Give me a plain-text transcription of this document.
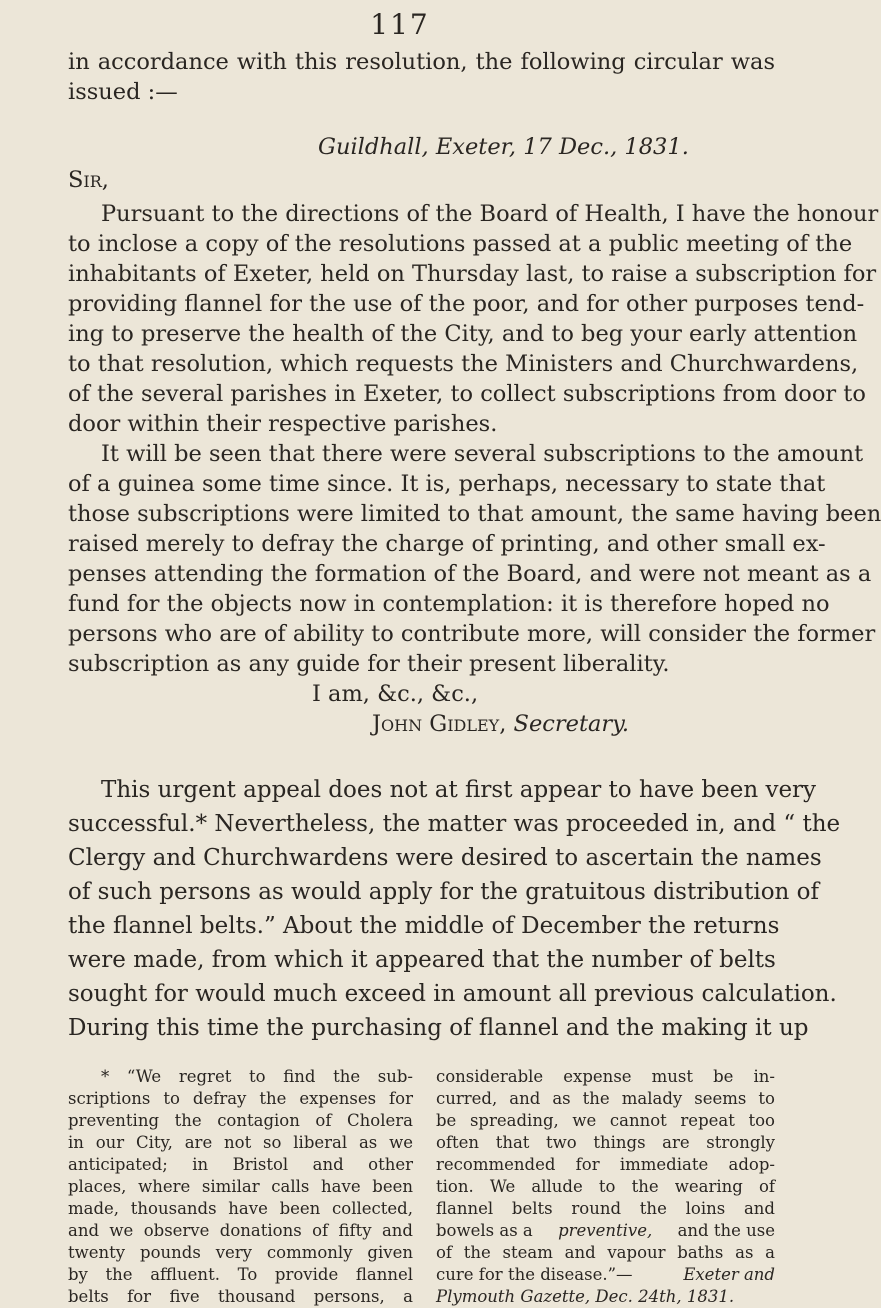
117

in accordance with this resolution, the following circular was

issued :—

Guildhall, Exeter, 17 Dec., 1831.

Sir,

Pursuant to the directions of the Board of Health, I have the honour

to inclose a copy of the resolutions passed at a public meeting of the

inhabitants of Exeter, held on Thursday last, to raise a subscription for

providing flannel for the use of the poor, and for other purposes tend-

ing to preserve the health of the City, and to beg your early attention

to that resolution, which requests the Ministers and Churchwardens,

of the several parishes in Exeter, to collect subscriptions from door to

door within their respective parishes.

It will be seen that there were several subscriptions to the amount

of a guinea some time since. It is, perhaps, necessary to state that

those subscriptions were limited to that amount, the same having been

raised merely to defray the charge of printing, and other small ex-

penses attending the formation of the Board, and were not meant as a

fund for the objects now in contemplation: it is therefore hoped no

persons who are of ability to contribute more, will consider the former

subscription as any guide for their present liberality.

I am, &c., &c.,

John Gidley, Secretary.

This urgent appeal does not at first appear to have been very

successful.* Nevertheless, the matter was proceeded in, and “ the

Clergy and Churchwardens were desired to ascertain the names

of such persons as would apply for the gratuitous distribution of

the flannel belts.” About the middle of December the returns

were made, from which it appeared that the number of belts

sought for would much exceed in amount all previous calculation.

During this time the purchasing of flannel and the making it up

* “We regret to find the sub-

scriptions to defray the expenses for

preventing the contagion of Cholera

in our City, are not so liberal as we

anticipated; in Bristol and other

places, where similar calls have been

made, thousands have been collected,

and we observe donations of fifty and

twenty pounds very commonly given

by the affluent. To provide flannel

belts for five thousand persons, a

considerable expense must be in-

curred, and as the malady seems to

be spreading, we cannot repeat too

often that two things are strongly

recommended for immediate adop-

tion. We allude to the wearing of

flannel belts round the loins and

bowels as a preventive, and the use

of the steam and vapour baths as a

cure for the disease.”—	Exeter and

Plymouth Gazette, Dec. 24th, 1831.
